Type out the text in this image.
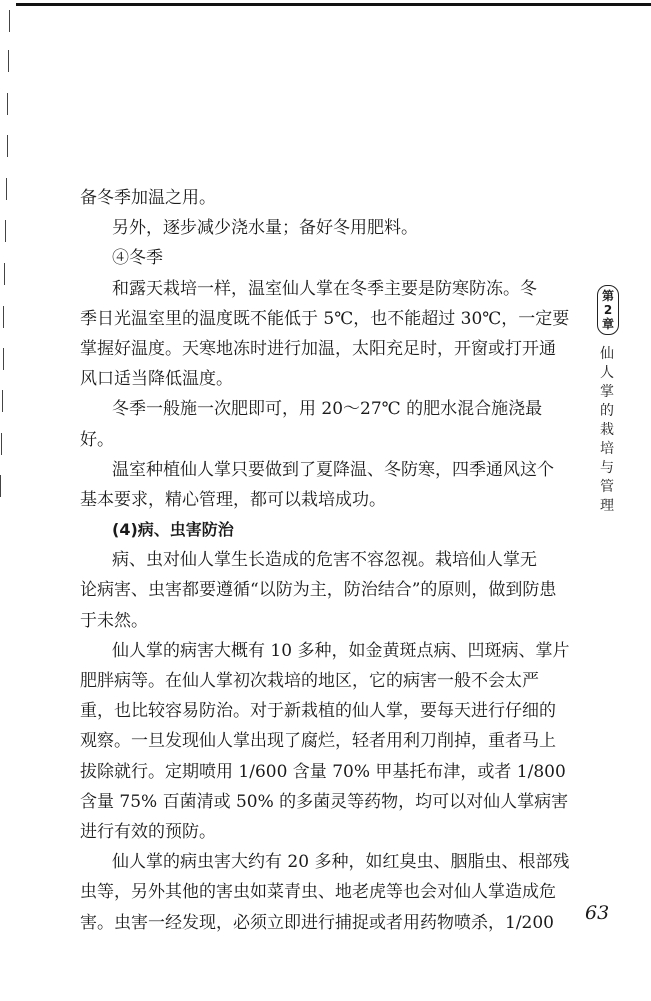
备冬季加温之用。
另外，逐步减少浇水量；备好冬用肥料。
④冬季
和露天栽培一样，温室仙人掌在冬季主要是防寒防冻。冬
季日光温室里的温度既不能低于 5℃，也不能超过 30℃，一定要
掌握好温度。天寒地冻时进行加温，太阳充足时，开窗或打开通
风口适当降低温度。
冬季一般施一次肥即可，用 20～27℃ 的肥水混合施浇最
好。
温室种植仙人掌只要做到了夏降温、冬防寒，四季通风这个
基本要求，精心管理，都可以栽培成功。
(4)病、虫害防治
病、虫对仙人掌生长造成的危害不容忽视。栽培仙人掌无
论病害、虫害都要遵循“以防为主，防治结合”的原则，做到防患
于未然。
仙人掌的病害大概有 10 多种，如金黄斑点病、凹斑病、掌片
肥胖病等。在仙人掌初次栽培的地区，它的病害一般不会太严
重，也比较容易防治。对于新栽植的仙人掌，要每天进行仔细的
观察。一旦发现仙人掌出现了腐烂，轻者用利刀削掉，重者马上
拔除就行。定期喷用 1/600 含量 70% 甲基托布津，或者 1/800
含量 75% 百菌清或 50% 的多菌灵等药物，均可以对仙人掌病害
进行有效的预防。
仙人掌的病虫害大约有 20 多种，如红臭虫、胭脂虫、根部残
虫等，另外其他的害虫如菜青虫、地老虎等也会对仙人掌造成危
害。虫害一经发现，必须立即进行捕捉或者用药物喷杀，1/200
第
2
章
仙
人
掌
的
栽
培
与
管
理
63
